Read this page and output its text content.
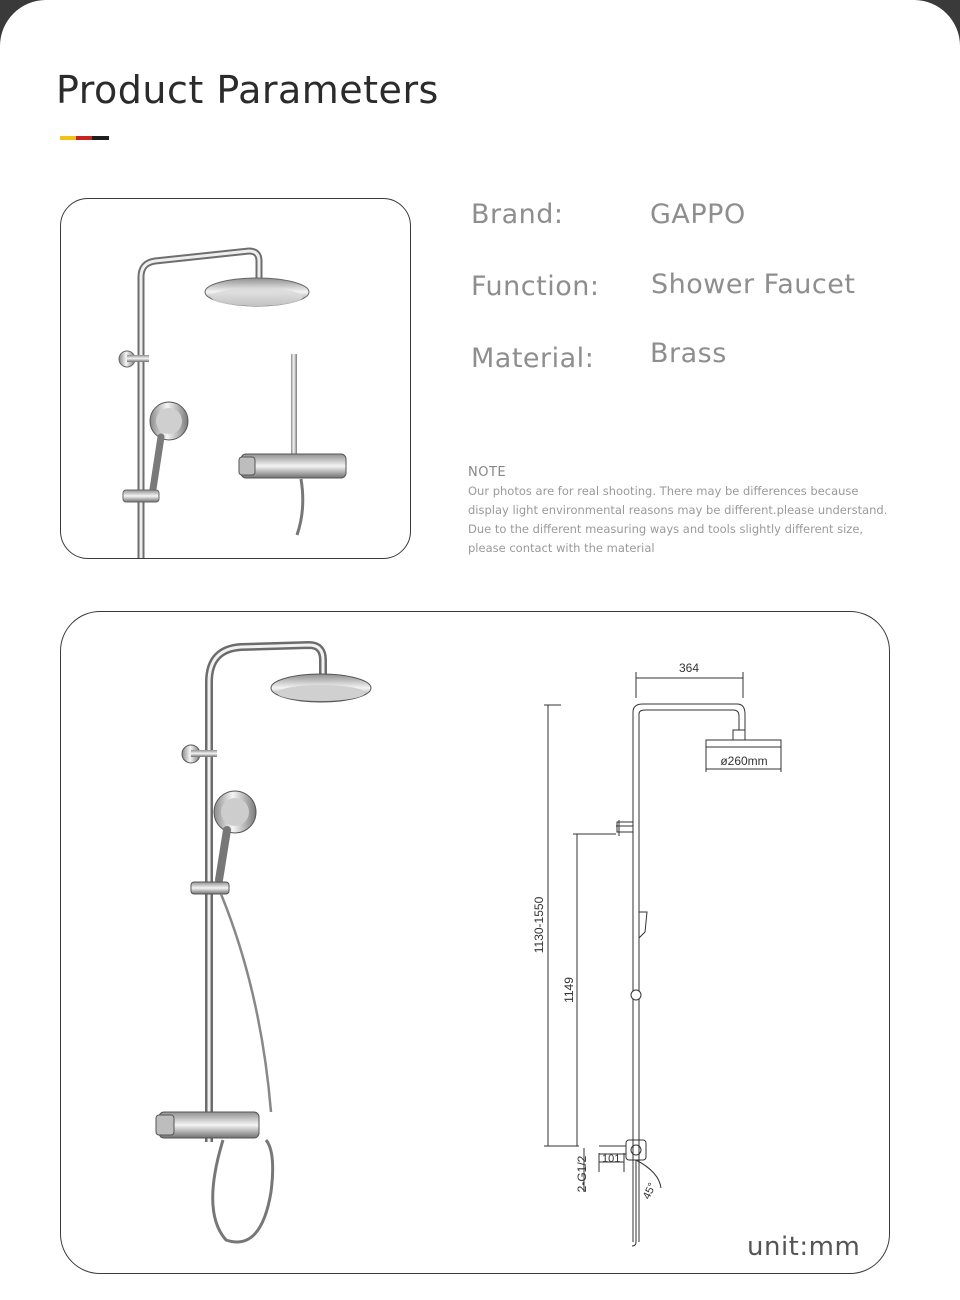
Product Parameters
Brand:	GAPPO
Function: Shower Faucet
Material: Brass
NOTE
Our photos are for real shooting. There may be differences because
display light environmental reasons may be different.please understand.
Due to the different measuring ways and tools slightly different size,
please contact with the material
364
ø260mm
1130-1550
1149
2-G1/2 101
45°
unit:mm
